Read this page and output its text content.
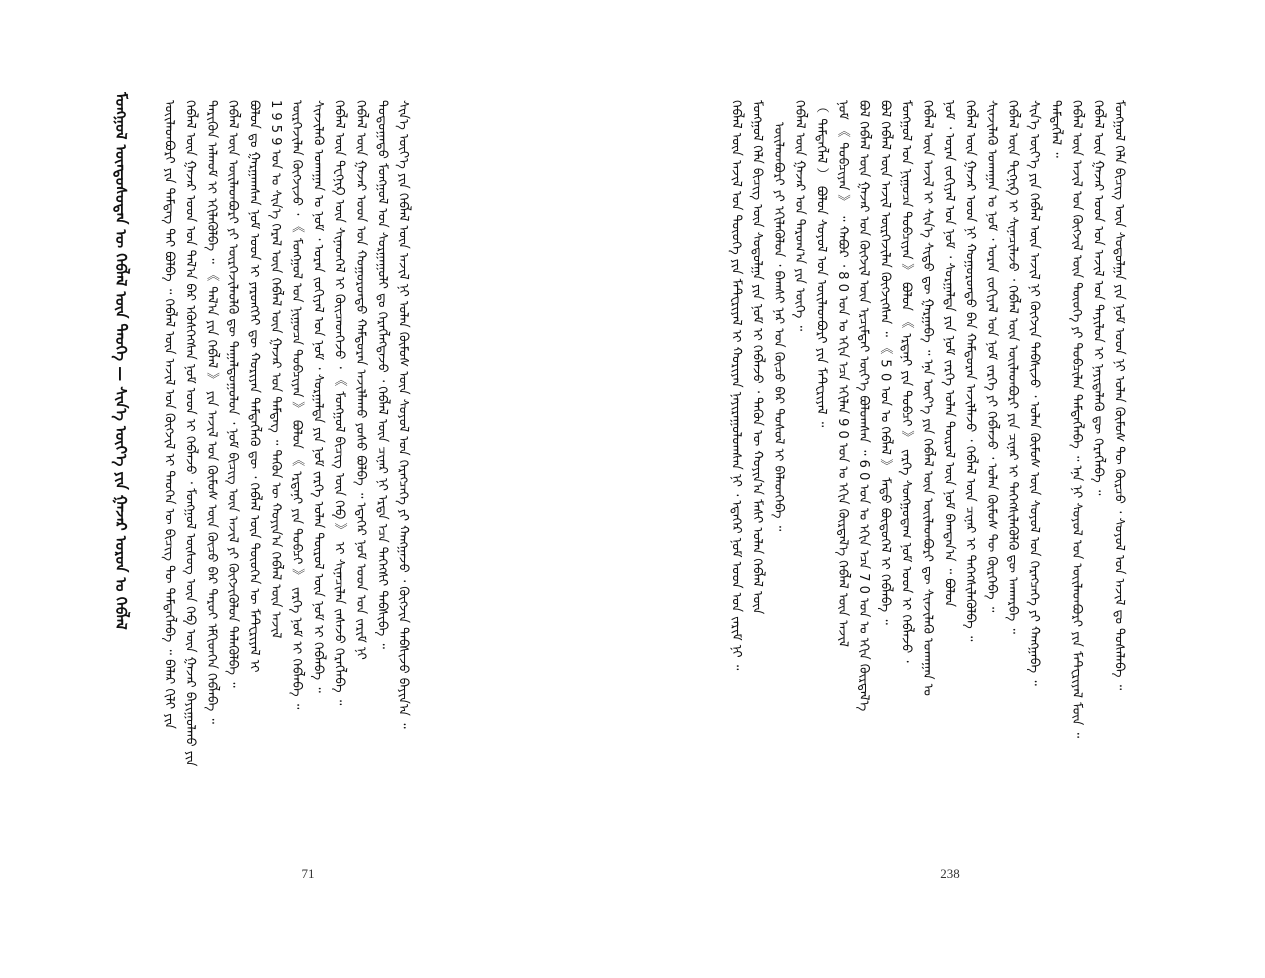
ᠮᠣᠩᠭᠣᠯ ᠦᠨᠳᠦᠰᠦᠲᠡᠨ ᠦ ᠬᠡᠪᠯᠡᠯ ᠦᠨ ᠲᠡᠤᠬᠡ — ᠰᠢᠨ᠎ᠡ ᠦᠶ᠎ᠡ ᠶᠢᠨ ᠭᠠᠵᠠᠷ ᠣᠷᠣᠨ ᠤ ᠬᠡᠪᠯᠡᠯ ᠦᠢᠯᠡᠳᠪᠦᠷᠢ ᠶᠢᠨ ᠲᠡᠮᠳᠡᠭ ᠲᠡᠢ ᠪᠣᠯᠪᠠ ᠃ ᠬᠡᠪᠯᠡᠯ ᠦᠨ ᠠᠵᠢᠯ ᠤᠨ ᠬᠥᠭᠵᠢᠯ ᠢ ᠲᠡᠤᠬᠡᠨ ᠦ ᠪᠢᠴᠢᠭ ᠲᠦ ᠲᠡᠮᠳᠡᠭᠯᠡᠪᠡ ᠃ ᠪᠠᠯᠠᠷ ᠬᠢᠯᠢ ᠶᠢᠨ ᠬᠡᠪᠯᠡᠯ ᠦᠨ ᠭᠠᠵᠠᠷ ᠤᠳ ᠤᠨ ᠲᠠᠯ᠎ᠠ ᠪᠡᠷ ᠡᠭᠦᠰᠬᠡᠭᠰᠡᠨ ᠨᠣᠮ ᠤᠳ ᠢ ᠬᠡᠪᠯᠡᠵᠦ ᠂ ᠮᠣᠩᠭᠣᠯ ᠦᠰᠦᠭ ᠦᠨ ᠬᠡᠪ ᠦᠨ ᠭᠠᠵᠠᠷ ᠪᠠᠶᠢᠭᠤᠯᠬᠤ ᠶᠢᠨ ᠲᠡᠷᠢᠭᠦᠨ ᠠᠯᠬᠤᠮ ᠢ ᠡᠬᠢᠯᠡᠭᠦᠯᠪᠡ ᠃ 《 ᠲᠠᠯ᠎ᠠ ᠶᠢᠨ ᠬᠡᠪᠯᠡᠯ 》 ᠶᠢᠨ ᠠᠵᠢᠯ ᠤᠨ ᠬᠦᠮᠦᠰ ᠦᠨ ᠬᠦᠴᠦ ᠪᠡᠷ ᠳᠠᠷᠤᠢ ᠡᠮᠬᠢᠳᠬᠡᠨ ᠬᠡᠪᠯᠡᠪᠡ ᠃ ᠬᠡᠪᠯᠡᠯ ᠦᠨ ᠦᠢᠯᠡᠳᠪᠦᠷᠢ ᠶᠢ ᠦᠷᠭᠡᠵᠢᠯᠡᠦᠯᠬᠦ ᠳᠦ ᠳᠠᠭᠠᠯᠳᠤᠭᠤᠯᠤᠨ ᠂ ᠨᠣᠮ ᠪᠢᠴᠢᠭ ᠦᠨ ᠠᠵᠢᠯ ᠶᠢ ᠬᠥᠭᠵᠢᠭᠦᠯᠦᠨ ᠲᠡᠯᠡᠭᠦᠯᠪᠡ ᠃ ᠪᠤᠯᠤᠨ ᠳᠤ ᠭᠠᠷᠭᠠᠭᠰᠠᠨ ᠨᠣᠮ ᠤᠳ ᠢ ᠶᠡᠷᠦᠩᠬᠡᠢ ᠳᠦ ᠬᠤᠷᠢᠶᠠᠨ ᠲᠡᠮᠳᠡᠭᠯᠡᠬᠦ ᠳᠦ ᠂ ᠬᠡᠪᠯᠡᠯ ᠦᠨ ᠲᠦᠦᠬᠡᠨ ᠦ ᠮᠠᠲᠧᠷᠢᠶᠠᠯ ᠢ 1 9 5 9 ᠣᠨ ᠤ ᠰᠢᠨ᠎ᠡ ᠭᠡᠷᠡᠯ ᠦᠨ ᠬᠡᠪᠯᠡᠯ ᠦᠨ ᠭᠠᠵᠠᠷ ᠤᠨ ᠲᠡᠮᠳᠡᠭ ᠃ ᠲᠡᠭᠦᠨ ᠦ ᠬᠣᠶᠢᠨ᠎ᠠ ᠬᠡᠪᠯᠡᠯ ᠦᠨ ᠠᠵᠢᠯ ᠦᠷᠭᠡᠵᠢᠯᠡᠨ ᠬᠥᠭᠵᠢᠵᠦ ᠂ 《 ᠮᠣᠩᠭᠣᠯ ᠤᠨ ᠨᠢᠭᠤᠴᠠ ᠲᠣᠪᠴᠢᠶᠠᠨ 》 ᠪᠣᠯᠣᠨ 《 ᠡᠷᠳᠡᠨᠢ ᠶᠢᠨ ᠲᠣᠪᠴᠢ 》 ᠵᠡᠷᠭᠡ ᠨᠣᠮ ᠢ ᠬᠡᠪᠯᠡᠪᠡ ᠃ ᠰᠢᠨᠵᠢᠯᠡᠬᠦ ᠤᠬᠠᠭᠠᠨ ᠤ ᠨᠣᠮ ᠂ ᠤᠷᠠᠨ ᠵᠣᠬᠢᠶᠠᠯ ᠤᠨ ᠨᠣᠮ ᠂ ᠰᠤᠷᠭᠠᠯᠲᠠ ᠶᠢᠨ ᠨᠣᠮ ᠵᠡᠷᠭᠡ ᠤᠯᠠᠨ ᠲᠦᠷᠦᠯ ᠦᠨ ᠨᠣᠮ ᠢ ᠬᠡᠪᠯᠡᠪᠡ ᠃ ᠬᠡᠪᠯᠡᠯ ᠦᠨ ᠲᠧᠬᠨᠢᠺ ᠦᠨ ᠰᠢᠨᠡᠳᠭᠡᠯ ᠢ ᠭᠦᠢᠴᠡᠳᠬᠡᠵᠦ ᠂ 《 ᠮᠣᠩᠭᠣᠯ ᠪᠢᠴᠢᠭ ᠦᠨ ᠬᠡᠪ 》 ᠢ ᠰᠢᠨᠡᠴᠢᠯᠡᠨ ᠵᠠᠰᠠᠵᠤ ᠬᠡᠷᠡᠭᠯᠡᠪᠡ ᠃ ᠬᠡᠪᠯᠡᠯ ᠦᠨ ᠭᠠᠵᠠᠷ ᠤᠳ ᠤᠨ ᠬᠣᠭᠣᠷᠣᠨᠳᠤ ᠬᠠᠮᠲᠤᠷᠠᠨ ᠠᠵᠢᠯᠯᠠᠬᠤ ᠶᠣᠰᠣ ᠪᠣᠯᠪᠠ ᠃ ᠡᠳᠡᠭᠡᠷ ᠨᠣᠮ ᠤᠳ ᠤᠨ ᠵᠠᠷᠢᠮ ᠨᠢ ᠳᠣᠲᠣᠭᠠᠳᠤ ᠮᠣᠩᠭᠣᠯ ᠤᠨ ᠰᠤᠷᠭᠠᠭᠤᠯᠢ ᠳᠤ ᠬᠡᠷᠡᠭᠯᠡᠭᠳᠡᠵᠦ ᠂ ᠬᠡᠪᠯᠡᠯ ᠦᠨ ᠴᠢᠨᠠᠷ ᠨᠢ ᠡᠷᠲᠡ ᠡᠴᠡ ᠳᠡᠭᠡᠭᠰᠢ ᠳᠡᠪᠰᠢᠪᠡ ᠃ ᠰᠢᠨ᠎ᠡ ᠦᠶ᠎ᠡ ᠶᠢᠨ ᠬᠡᠪᠯᠡᠯ ᠦᠨ ᠠᠵᠢᠯ ᠨᠢ ᠣᠯᠠᠨ ᠬᠦᠮᠦᠰ ᠦᠨ ᠰᠣᠶᠣᠯ ᠤᠨ ᠬᠡᠷᠡᠭᠴᠡᠭᠡ ᠶᠢ ᠬᠠᠩᠭᠠᠵᠤ ᠂ ᠬᠥᠭᠵᠢᠨ ᠳᠡᠪᠰᠢᠵᠦ ᠪᠠᠶᠢᠨ᠎ᠠ ᠃
71
ᠬᠡᠪᠯᠡᠯ ᠦᠨ ᠠᠵᠢᠯ ᠤᠨ ᠲᠦᠦᠬᠡ ᠶᠢᠨ ᠮᠠᠲᠧᠷᠢᠶᠠᠯ ᠢ ᠬᠤᠷᠢᠶᠠᠨ ᠨᠠᠶᠢᠷᠠᠭᠤᠯᠤᠭᠰᠠᠨ ᠨᠢ ᠂ ᠡᠳᠡᠭᠡᠷ ᠨᠣᠮ ᠤᠳ ᠤᠨ ᠵᠠᠷᠢᠮ ᠨᠢ ᠃ ᠮᠣᠩᠭᠣᠯ ᠬᠡᠯᠡ ᠪᠢᠴᠢᠭ ᠦᠨ ᠰᠤᠳᠤᠯᠭᠠ ᠶᠢᠨ ᠨᠣᠮ ᠢ ᠬᠡᠪᠯᠡᠵᠦ ᠂ ᠲᠡᠭᠦᠨ ᠦ ᠬᠣᠶᠢᠨ᠎ᠠ ᠮᠠᠰᠢ ᠣᠯᠠᠨ ᠬᠡᠪᠯᠡᠯ ᠦᠨ ᠦᠢᠯᠡᠳᠪᠦᠷᠢ ᠶᠢ ᠡᠬᠢᠯᠡᠭᠦᠯᠦᠨ ᠂ ᠪᠠᠭᠰᠢ ᠨᠠᠷ ᠤᠨ ᠬᠦᠴᠦ ᠪᠡᠷ ᠲᠣᠰᠣᠯ ᠢ ᠪᠡᠯᠡᠳᠬᠡᠪᠡ ᠃ ᠬᠡᠪᠯᠡᠯ ᠦᠨ ᠭᠠᠵᠠᠷ ᠤᠨ ᠳᠠᠷᠤᠭ᠎ᠠ ᠶᠢᠨ ᠦᠭᠡ ᠃ （ ᠲᠡᠮᠳᠡᠭᠯᠡᠯ ） ᠪᠣᠯᠣᠨ ᠰᠣᠶᠣᠯ ᠤᠨ ᠦᠢᠯᠡᠳᠪᠦᠷᠢ ᠶᠢᠨ ᠮᠠᠲᠧᠷᠢᠶᠠᠯ ᠃ ᠨᠣᠮ 《 ᠲᠣᠪᠴᠢᠶᠠᠨ 》 ᠃ ᠬᠠᠪᠤᠷ ᠂ 8 0 ᠣᠨ ᠤ ᠡᠬᠢᠨ ᠡᠴᠡ ᠡᠬᠢᠯᠡᠨ 9 0 ᠣᠨ ᠤ ᠡᠬᠢᠨ ᠬᠦᠷᠲᠡᠯ᠎ᠡ ᠬᠡᠪᠯᠡᠯ ᠦᠨ ᠠᠵᠢᠯ ᠪᠣᠯ ᠬᠡᠪᠯᠡᠯ ᠦᠨ ᠭᠠᠵᠠᠷ ᠤᠨ ᠬᠥᠭᠵᠢᠯ ᠦᠨ ᠡᠷᠴᠢᠮᠲᠡᠢ ᠦᠶ᠎ᠡ ᠪᠣᠯᠤᠭᠰᠠᠨ ᠃ 6 0 ᠣᠨ ᠤ ᠡᠬᠢᠨ ᠡᠴᠡ 7 0 ᠣᠨ ᠤ ᠡᠬᠢᠨ ᠬᠦᠷᠲᠡᠯ᠎ᠡ ᠪᠣᠯ ᠬᠡᠪᠯᠡᠯ ᠦᠨ ᠠᠵᠢᠯ ᠦᠷᠭᠡᠵᠢᠯᠡᠨ ᠬᠥᠭᠵᠢᠭᠰᠡᠨ ᠃ 《 5 0 ᠣᠨ ᠤ ᠬᠡᠪᠯᠡᠯ 》 ᠮᠡᠲᠦ ᠪᠦᠲᠦᠭᠡᠯ ᠢ ᠬᠡᠪᠯᠡᠪᠡ ᠃ ᠮᠣᠩᠭᠣᠯ ᠤᠨ ᠨᠢᠭᠤᠴᠠ ᠲᠣᠪᠴᠢᠶᠠᠨ 》 ᠪᠣᠯᠣᠨ 《 ᠡᠷᠳᠡᠨᠢ ᠶᠢᠨ ᠲᠣᠪᠴᠢ 》 ᠵᠡᠷᠭᠡ ᠰᠣᠩᠭᠣᠳᠠᠭ ᠨᠣᠮ ᠤᠳ ᠢ ᠬᠡᠪᠯᠡᠵᠦ ᠂ ᠬᠡᠪᠯᠡᠯ ᠦᠨ ᠠᠵᠢᠯ ᠢ ᠰᠢᠨ᠎ᠡ ᠰᠢᠲᠦ ᠳᠦ ᠭᠠᠷᠭᠠᠪᠠ ᠃ ᠡᠨᠡ ᠦᠶ᠎ᠡ ᠶᠢᠨ ᠬᠡᠪᠯᠡᠯ ᠦᠨ ᠦᠢᠯᠡᠳᠪᠦᠷᠢ ᠳᠦ ᠰᠢᠨᠵᠢᠯᠡᠬᠦ ᠤᠬᠠᠭᠠᠨ ᠤ ᠨᠣᠮ ᠂ ᠤᠷᠠᠨ ᠵᠣᠬᠢᠶᠠᠯ ᠤᠨ ᠨᠣᠮ ᠂ ᠰᠤᠷᠭᠠᠯᠲᠠ ᠶᠢᠨ ᠨᠣᠮ ᠵᠡᠷᠭᠡ ᠣᠯᠠᠨ ᠲᠦᠷᠦᠯ ᠦᠨ ᠨᠣᠮ ᠪᠠᠭᠲᠠᠨ᠎ᠠ ᠃ ᠪᠣᠯᠣᠨ ᠬᠡᠪᠯᠡᠯ ᠦᠨ ᠭᠠᠵᠠᠷ ᠤᠳ ᠨᠢ ᠬᠣᠭᠣᠷᠣᠨᠳᠤ ᠪᠡᠨ ᠬᠠᠮᠲᠤᠷᠠᠨ ᠠᠵᠢᠯᠯᠠᠵᠤ ᠂ ᠬᠡᠪᠯᠡᠯ ᠦᠨ ᠴᠢᠨᠠᠷ ᠢ ᠳᠡᠭᠡᠭᠰᠢᠯᠡᠭᠦᠯᠪᠡ ᠃ ᠰᠢᠨᠵᠢᠯᠡᠬᠦ ᠤᠬᠠᠭᠠᠨ ᠤ ᠨᠣᠮ ᠂ ᠤᠷᠠᠨ ᠵᠣᠬᠢᠶᠠᠯ ᠤᠨ ᠨᠣᠮ ᠵᠡᠷᠭᠡ ᠶᠢ ᠬᠡᠪᠯᠡᠵᠦ ᠂ ᠣᠯᠠᠨ ᠬᠦᠮᠦᠰ ᠲᠦ ᠬᠦᠷᠭᠡᠪᠡ ᠃ ᠬᠡᠪᠯᠡᠯ ᠦᠨ ᠲᠧᠬᠨᠢᠺ ᠢ ᠰᠢᠨᠡᠴᠢᠯᠡᠵᠦ ᠂ ᠬᠡᠪᠯᠡᠯ ᠦᠨ ᠦᠢᠯᠡᠳᠪᠦᠷᠢ ᠶᠢᠨ ᠴᠢᠨᠠᠷ ᠢ ᠳᠡᠭᠡᠭᠰᠢᠯᠡᠭᠦᠯᠬᠦ ᠳᠦ ᠠᠨᠬᠠᠷᠪᠠ ᠃ ᠰᠢᠨ᠎ᠡ ᠦᠶ᠎ᠡ ᠶᠢᠨ ᠬᠡᠪᠯᠡᠯ ᠦᠨ ᠠᠵᠢᠯ ᠨᠢ ᠬᠥᠭᠵᠢᠨ ᠳᠡᠪᠰᠢᠵᠦ ᠂ ᠣᠯᠠᠨ ᠬᠦᠮᠦᠰ ᠦᠨ ᠰᠣᠶᠣᠯ ᠤᠨ ᠬᠡᠷᠡᠭᠴᠡᠭᠡ ᠶᠢ ᠬᠠᠩᠭᠠᠪᠠ ᠃ ᠲᠡᠮᠳᠡᠭᠯᠡᠯ ᠃ ᠬᠡᠪᠯᠡᠯ ᠦᠨ ᠠᠵᠢᠯ ᠤᠨ ᠬᠥᠭᠵᠢᠯ ᠦᠨ ᠲᠦᠦᠬᠡ ᠶᠢ ᠲᠣᠪᠴᠢᠯᠠᠨ ᠲᠡᠮᠳᠡᠭᠯᠡᠪᠡ ᠃ ᠡᠨᠡ ᠨᠢ ᠰᠣᠶᠣᠯ ᠤᠨ ᠦᠢᠯᠡᠳᠪᠦᠷᠢ ᠶᠢᠨ ᠮᠠᠲᠧᠷᠢᠶᠠᠯ ᠮᠥᠨ ᠃ ᠬᠡᠪᠯᠡᠯ ᠦᠨ ᠭᠠᠵᠠᠷ ᠤᠳ ᠤᠨ ᠠᠵᠢᠯ ᠤᠨ ᠲᠠᠶᠢᠯᠤᠨ ᠢ ᠨᠡᠶᠢᠲᠡᠯᠡᠬᠦ ᠳᠦ ᠬᠡᠷᠡᠭᠯᠡᠪᠡ ᠃ ᠮᠣᠩᠭᠣᠯ ᠬᠡᠯᠡ ᠪᠢᠴᠢᠭ ᠦᠨ ᠰᠤᠳᠤᠯᠭᠠ ᠶᠢᠨ ᠨᠣᠮ ᠤᠳ ᠨᠢ ᠣᠯᠠᠨ ᠬᠦᠮᠦᠰ ᠲᠦ ᠬᠦᠷᠴᠦ ᠂ ᠰᠣᠶᠣᠯ ᠤᠨ ᠠᠵᠢᠯ ᠳᠤ ᠲᠤᠰᠠᠯᠠᠪᠠ ᠃
238
